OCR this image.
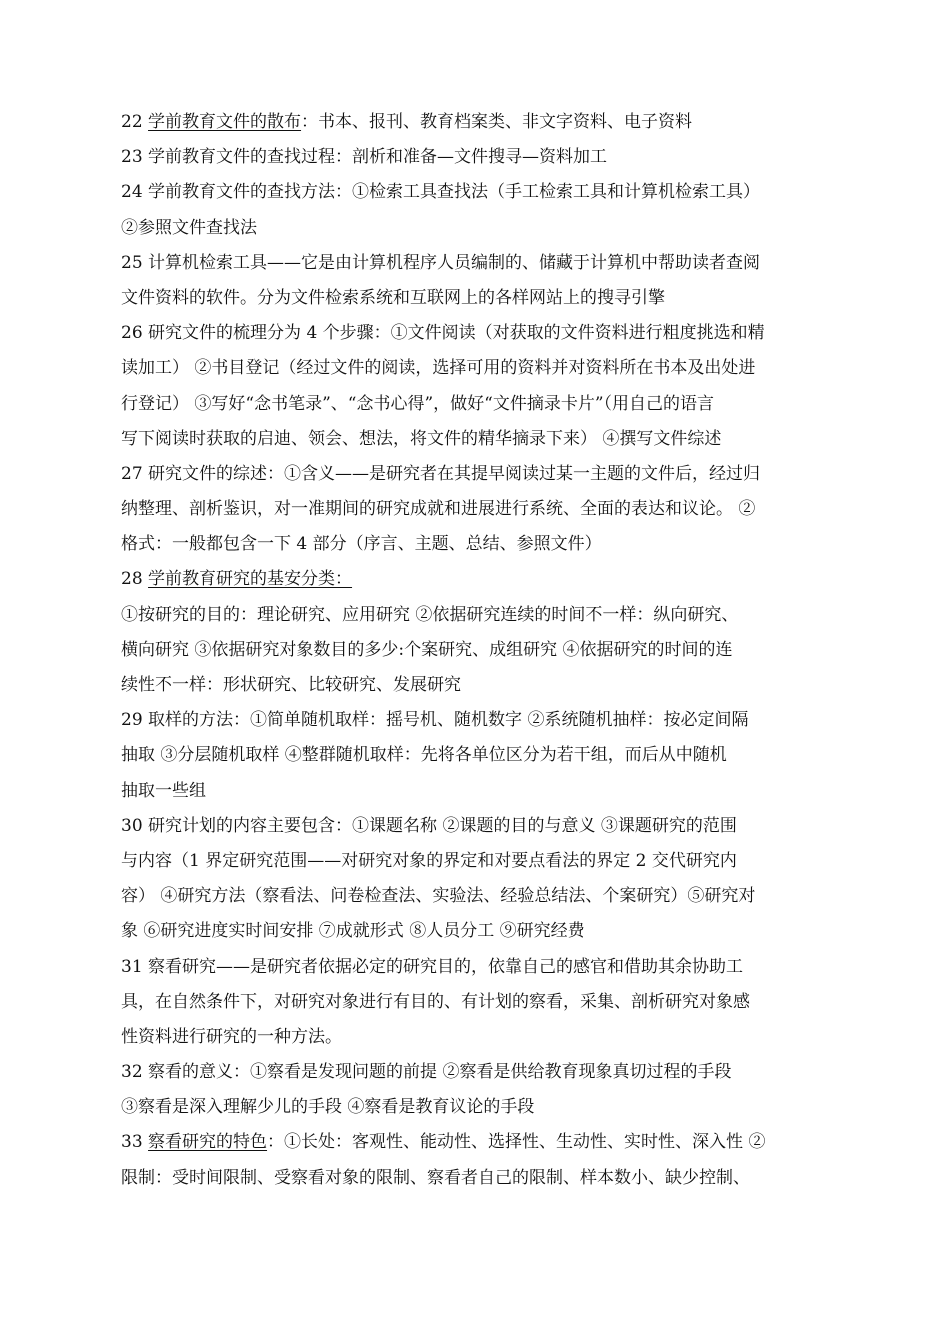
22 学前教育文件的散布：书本、报刊、教育档案类、非文字资料、电子资料
23 学前教育文件的查找过程：剖析和准备—文件搜寻—资料加工
24 学前教育文件的查找方法：①检索工具查找法（手工检索工具和计算机检索工具）
②参照文件查找法
25 计算机检索工具——它是由计算机程序人员编制的、储藏于计算机中帮助读者查阅
文件资料的软件。分为文件检索系统和互联网上的各样网站上的搜寻引擎
26 研究文件的梳理分为 4 个步骤：①文件阅读（对获取的文件资料进行粗度挑选和精
读加工） ②书目登记（经过文件的阅读，选择可用的资料并对资料所在书本及出处进
行登记） ③写好“念书笔录”、“念书心得”，做好“文件摘录卡片”（用自己的语言
写下阅读时获取的启迪、领会、想法，将文件的精华摘录下来） ④撰写文件综述
27 研究文件的综述：①含义——是研究者在其提早阅读过某一主题的文件后，经过归
纳整理、剖析鉴识，对一准期间的研究成就和进展进行系统、全面的表达和议论。 ②
格式：一般都包含一下 4 部分（序言、主题、总结、参照文件）
28 学前教育研究的基安分类：
①按研究的目的：理论研究、应用研究 ②依据研究连续的时间不一样：纵向研究、
横向研究 ③依据研究对象数目的多少:个案研究、成组研究 ④依据研究的时间的连
续性不一样：形状研究、比较研究、发展研究
29 取样的方法：①简单随机取样：摇号机、随机数字 ②系统随机抽样：按必定间隔
抽取 ③分层随机取样 ④整群随机取样：先将各单位区分为若干组，而后从中随机
抽取一些组
30 研究计划的内容主要包含：①课题名称 ②课题的目的与意义 ③课题研究的范围
与内容（1 界定研究范围——对研究对象的界定和对要点看法的界定 2 交代研究内
容） ④研究方法（察看法、问卷检查法、实验法、经验总结法、个案研究）⑤研究对
象 ⑥研究进度实时间安排 ⑦成就形式 ⑧人员分工 ⑨研究经费
31 察看研究——是研究者依据必定的研究目的，依靠自己的感官和借助其余协助工
具，在自然条件下，对研究对象进行有目的、有计划的察看，采集、剖析研究对象感
性资料进行研究的一种方法。
32 察看的意义：①察看是发现问题的前提 ②察看是供给教育现象真切过程的手段
③察看是深入理解少儿的手段 ④察看是教育议论的手段
33 察看研究的特色：①长处：客观性、能动性、选择性、生动性、实时性、深入性 ②
限制：受时间限制、受察看对象的限制、察看者自己的限制、样本数小、缺少控制、
